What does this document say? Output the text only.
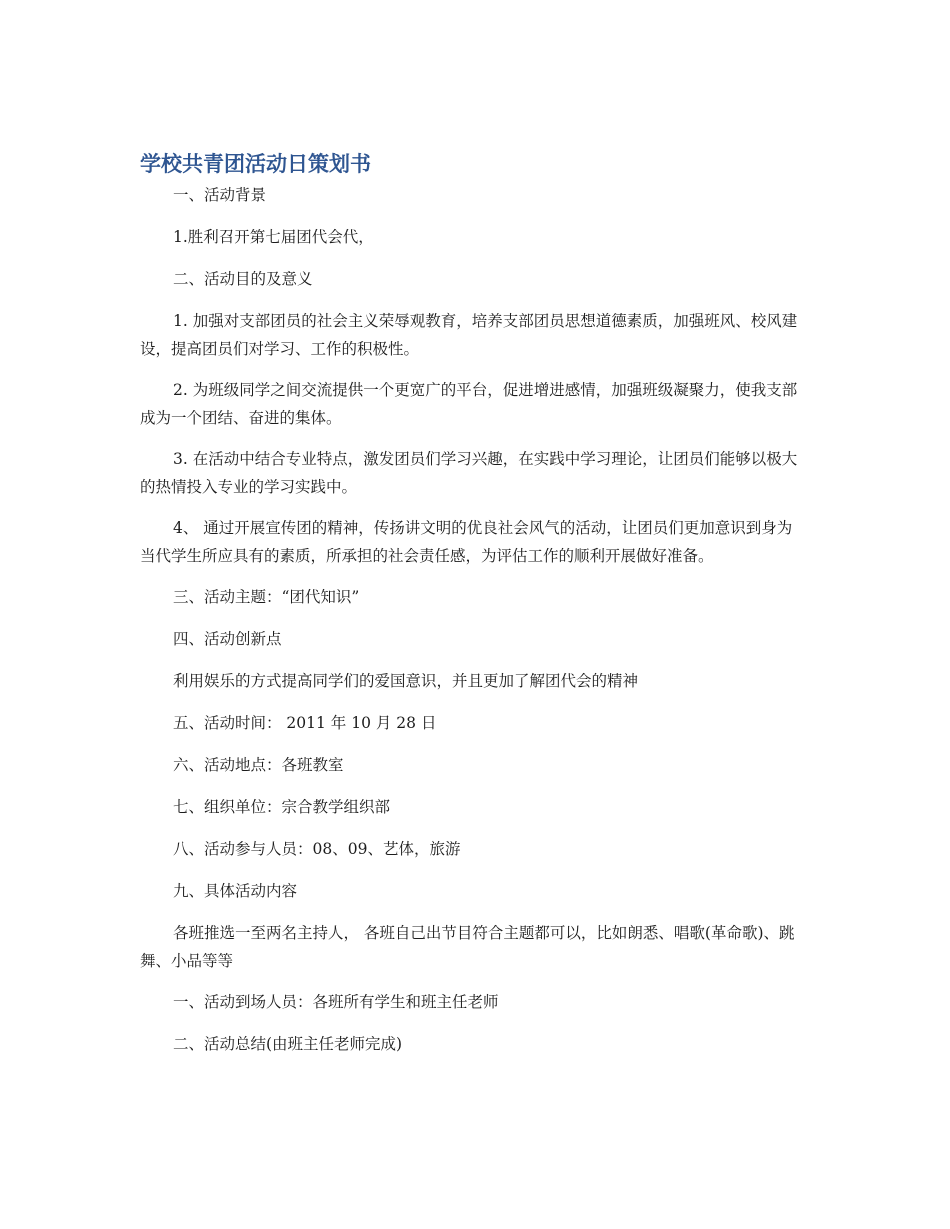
学校共青团活动日策划书

一、活动背景

1.胜利召开第七届团代会代，

二、活动目的及意义

1. 加强对支部团员的社会主义荣辱观教育，培养支部团员思想道德素质，加强班风、校风建设，提高团员们对学习、工作的积极性。

2. 为班级同学之间交流提供一个更宽广的平台，促进增进感情，加强班级凝聚力，使我支部成为一个团结、奋进的集体。

3. 在活动中结合专业特点，激发团员们学习兴趣，在实践中学习理论，让团员们能够以极大的热情投入专业的学习实践中。

4、 通过开展宣传团的精神，传扬讲文明的优良社会风气的活动，让团员们更加意识到身为当代学生所应具有的素质，所承担的社会责任感，为评估工作的顺利开展做好准备。

三、活动主题：“团代知识”

四、活动创新点

利用娱乐的方式提高同学们的爱国意识，并且更加了解团代会的精神

五、活动时间： 2011 年 10 月 28 日

六、活动地点：各班教室

七、组织单位：宗合教学组织部

八、活动参与人员：08、09、艺体，旅游

九、具体活动内容

各班推选一至两名主持人， 各班自己出节目符合主题都可以，比如朗悉、唱歌(革命歌)、跳舞、小品等等

一、活动到场人员：各班所有学生和班主任老师

二、活动总结(由班主任老师完成)
